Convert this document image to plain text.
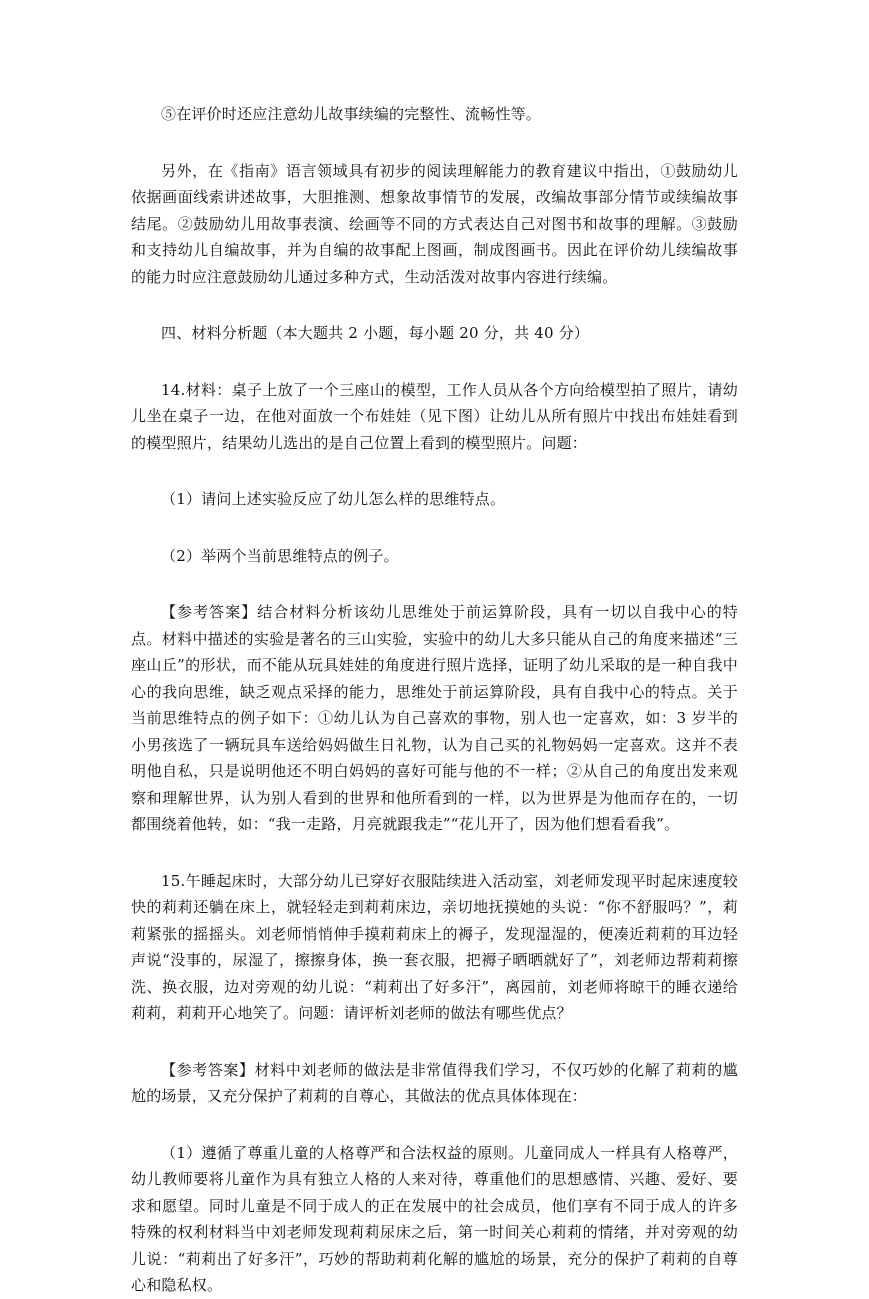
⑤在评价时还应注意幼儿故事续编的完整性、流畅性等。

另外，在《指南》语言领域具有初步的阅读理解能力的教育建议中指出，①鼓励幼儿依据画面线索讲述故事，大胆推测、想象故事情节的发展，改编故事部分情节或续编故事结尾。②鼓励幼儿用故事表演、绘画等不同的方式表达自己对图书和故事的理解。③鼓励和支持幼儿自编故事，并为自编的故事配上图画，制成图画书。因此在评价幼儿续编故事的能力时应注意鼓励幼儿通过多种方式，生动活泼对故事内容进行续编。

四、材料分析题（本大题共 2 小题，每小题 20 分，共 40 分）

14.材料：桌子上放了一个三座山的模型，工作人员从各个方向给模型拍了照片，请幼儿坐在桌子一边，在他对面放一个布娃娃（见下图）让幼儿从所有照片中找出布娃娃看到的模型照片，结果幼儿选出的是自己位置上看到的模型照片。问题：

（1）请问上述实验反应了幼儿怎么样的思维特点。

（2）举两个当前思维特点的例子。

【参考答案】结合材料分析该幼儿思维处于前运算阶段，具有一切以自我中心的特点。材料中描述的实验是著名的三山实验，实验中的幼儿大多只能从自己的角度来描述“三座山丘”的形状，而不能从玩具娃娃的角度进行照片选择，证明了幼儿采取的是一种自我中心的我向思维，缺乏观点采择的能力，思维处于前运算阶段，具有自我中心的特点。关于当前思维特点的例子如下：①幼儿认为自己喜欢的事物，别人也一定喜欢，如：3 岁半的小男孩选了一辆玩具车送给妈妈做生日礼物，认为自己买的礼物妈妈一定喜欢。这并不表明他自私，只是说明他还不明白妈妈的喜好可能与他的不一样；②从自己的角度出发来观察和理解世界，认为别人看到的世界和他所看到的一样，以为世界是为他而存在的，一切都围绕着他转，如：“我一走路，月亮就跟我走”“花儿开了，因为他们想看看我”。

15.午睡起床时，大部分幼儿已穿好衣服陆续进入活动室，刘老师发现平时起床速度较快的莉莉还躺在床上，就轻轻走到莉莉床边，亲切地抚摸她的头说：“你不舒服吗？”，莉莉紧张的摇摇头。刘老师悄悄伸手摸莉莉床上的褥子，发现湿湿的，便凑近莉莉的耳边轻声说“没事的，尿湿了，擦擦身体，换一套衣服，把褥子晒晒就好了”，刘老师边帮莉莉擦洗、换衣服，边对旁观的幼儿说：“莉莉出了好多汗”，离园前，刘老师将晾干的睡衣递给莉莉，莉莉开心地笑了。问题：请评析刘老师的做法有哪些优点？

【参考答案】材料中刘老师的做法是非常值得我们学习，不仅巧妙的化解了莉莉的尴尬的场景，又充分保护了莉莉的自尊心，其做法的优点具体体现在：

（1）遵循了尊重儿童的人格尊严和合法权益的原则。儿童同成人一样具有人格尊严，幼儿教师要将儿童作为具有独立人格的人来对待，尊重他们的思想感情、兴趣、爱好、要求和愿望。同时儿童是不同于成人的正在发展中的社会成员，他们享有不同于成人的许多特殊的权利材料当中刘老师发现莉莉尿床之后，第一时间关心莉莉的情绪，并对旁观的幼儿说：“莉莉出了好多汗”，巧妙的帮助莉莉化解的尴尬的场景，充分的保护了莉莉的自尊心和隐私权。
